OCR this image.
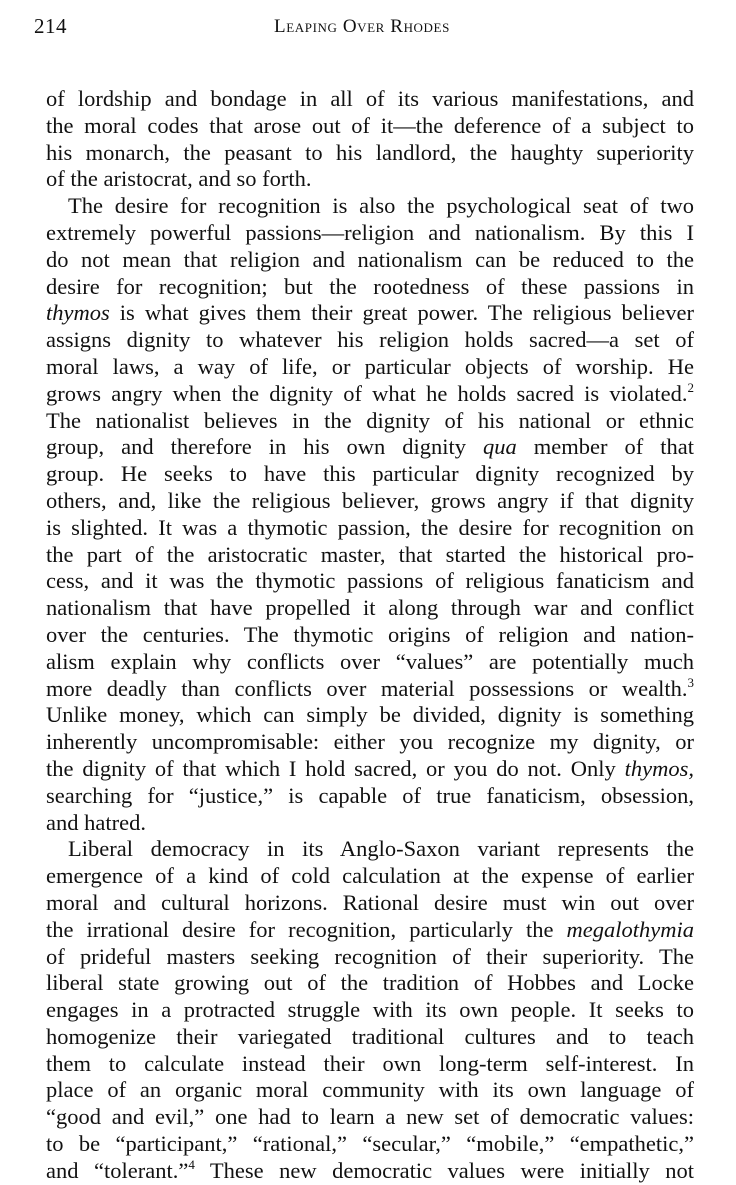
214	Leaping Over Rhodes
of lordship and bondage in all of its various manifestations, and
the moral codes that arose out of it—the deference of a subject to
his monarch, the peasant to his landlord, the haughty superiority
of the aristocrat, and so forth.
The desire for recognition is also the psychological seat of two
extremely powerful passions—religion and nationalism. By this I
do not mean that religion and nationalism can be reduced to the
desire for recognition; but the rootedness of these passions in
thymos is what gives them their great power. The religious believer
assigns dignity to whatever his religion holds sacred—a set of
moral laws, a way of life, or particular objects of worship. He
grows angry when the dignity of what he holds sacred is violated.$^2$
The nationalist believes in the dignity of his national or ethnic
group, and therefore in his own dignity qua member of that
group. He seeks to have this particular dignity recognized by
others, and, like the religious believer, grows angry if that dignity
is slighted. It was a thymotic passion, the desire for recognition on
the part of the aristocratic master, that started the historical pro-
cess, and it was the thymotic passions of religious fanaticism and
nationalism that have propelled it along through war and conflict
over the centuries. The thymotic origins of religion and nation-
alism explain why conflicts over “values” are potentially much
more deadly than conflicts over material possessions or wealth.$^3$
Unlike money, which can simply be divided, dignity is something
inherently uncompromisable: either you recognize my dignity, or
the dignity of that which I hold sacred, or you do not. Only thymos,
searching for “justice,” is capable of true fanaticism, obsession,
and hatred.
Liberal democracy in its Anglo-Saxon variant represents the
emergence of a kind of cold calculation at the expense of earlier
moral and cultural horizons. Rational desire must win out over
the irrational desire for recognition, particularly the megalothymia
of prideful masters seeking recognition of their superiority. The
liberal state growing out of the tradition of Hobbes and Locke
engages in a protracted struggle with its own people. It seeks to
homogenize their variegated traditional cultures and to teach
them to calculate instead their own long-term self-interest. In
place of an organic moral community with its own language of
“good and evil,” one had to learn a new set of democratic values:
to be “participant,” “rational,” “secular,” “mobile,” “empathetic,”
and “tolerant.”$^4$ These new democratic values were initially not
